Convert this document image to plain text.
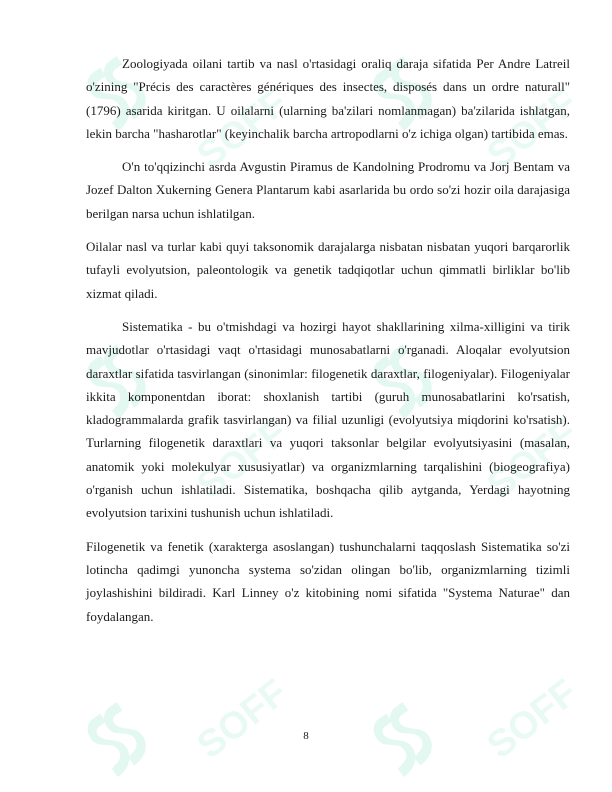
SOFF	SOFF
SOFF	SOFF
SOFF	SOFF

Zoologiyada oilani tartib va nasl o'rtasidagi oraliq daraja sifatida Per Andre Latreil o'zining "Précis des caractères génériques des insectes, disposés dans un ordre naturall" (1796) asarida kiritgan. U oilalarni (ularning ba'zilari nomlanmagan) ba'zilarida ishlatgan, lekin barcha "hasharotlar" (keyinchalik barcha artropodlarni o'z ichiga olgan) tartibida emas.

O'n to'qqizinchi asrda Avgustin Piramus de Kandolning Prodromu va Jorj Bentam va Jozef Dalton Xukerning Genera Plantarum kabi asarlarida bu ordo so'zi hozir oila darajasiga berilgan narsa uchun ishlatilgan.

Oilalar nasl va turlar kabi quyi taksonomik darajalarga nisbatan nisbatan yuqori barqarorlik tufayli evolyutsion, paleontologik va genetik tadqiqotlar uchun qimmatli birliklar bo'lib xizmat qiladi.

Sistematika - bu o'tmishdagi va hozirgi hayot shakllarining xilma-xilligini va tirik mavjudotlar o'rtasidagi vaqt o'rtasidagi munosabatlarni o'rganadi. Aloqalar evolyutsion daraxtlar sifatida tasvirlangan (sinonimlar: filogenetik daraxtlar, filogeniyalar). Filogeniyalar ikkita komponentdan iborat: shoxlanish tartibi (guruh munosabatlarini ko'rsatish, kladogrammalarda grafik tasvirlangan) va filial uzunligi (evolyutsiya miqdorini ko'rsatish). Turlarning filogenetik daraxtlari va yuqori taksonlar belgilar evolyutsiyasini (masalan, anatomik yoki molekulyar xususiyatlar) va organizmlarning tarqalishini (biogeografiya) o'rganish uchun ishlatiladi. Sistematika, boshqacha qilib aytganda, Yerdagi hayotning evolyutsion tarixini tushunish uchun ishlatiladi.

Filogenetik va fenetik (xarakterga asoslangan) tushunchalarni taqqoslash Sistematika so'zi lotincha qadimgi yunoncha systema so'zidan olingan bo'lib, organizmlarning tizimli joylashishini bildiradi. Karl Linney o'z kitobining nomi sifatida "Systema Naturae" dan foydalangan.

8
